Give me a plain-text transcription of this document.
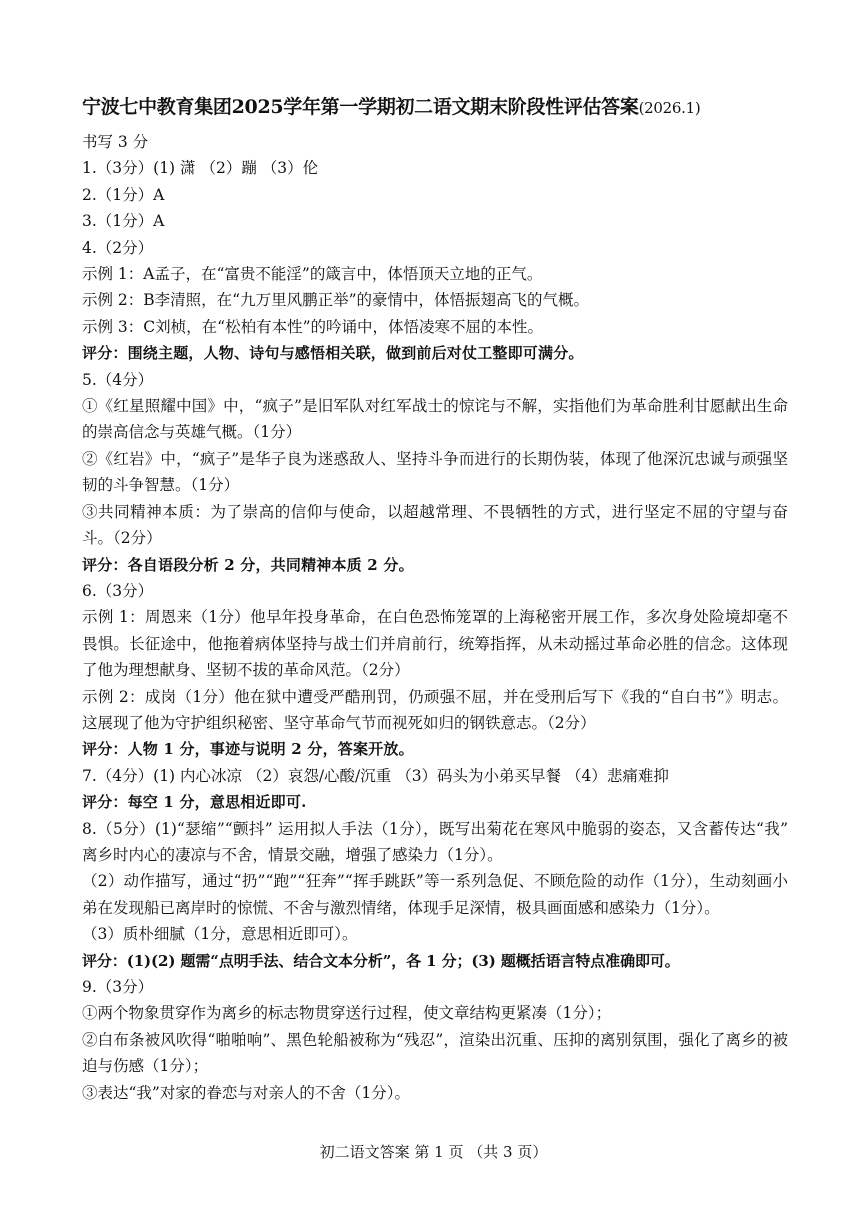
宁波七中教育集团2025学年第一学期初二语文期末阶段性评估答案(2026.1)

书写 3 分

1.（3分）(1) 潇 （2）蹦 （3）伦

2.（1分）A

3.（1分）A

4.（2分）

示例 1：A孟子，在“富贵不能淫”的箴言中，体悟顶天立地的正气。

示例 2：B李清照，在“九万里风鹏正举”的豪情中，体悟振翅高飞的气概。

示例 3：C刘桢，在“松柏有本性”的吟诵中，体悟凌寒不屈的本性。

评分：围绕主题，人物、诗句与感悟相关联，做到前后对仗工整即可满分。

5.（4分）

①《红星照耀中国》中，“疯子”是旧军队对红军战士的惊诧与不解，实指他们为革命胜利甘愿献出生命的崇高信念与英雄气概。（1分）

②《红岩》中，“疯子”是华子良为迷惑敌人、坚持斗争而进行的长期伪装，体现了他深沉忠诚与顽强坚韧的斗争智慧。（1分）

③共同精神本质：为了崇高的信仰与使命，以超越常理、不畏牺牲的方式，进行坚定不屈的守望与奋斗。（2分）

评分：各自语段分析 2 分，共同精神本质 2 分。

6.（3分）

示例 1：周恩来（1分）他早年投身革命，在白色恐怖笼罩的上海秘密开展工作，多次身处险境却毫不畏惧。长征途中，他拖着病体坚持与战士们并肩前行，统筹指挥，从未动摇过革命必胜的信念。这体现了他为理想献身、坚韧不拔的革命风范。（2分）

示例 2：成岗（1分）他在狱中遭受严酷刑罚，仍顽强不屈，并在受刑后写下《我的“自白书”》明志。这展现了他为守护组织秘密、坚守革命气节而视死如归的钢铁意志。（2分）

评分：人物 1 分，事迹与说明 2 分，答案开放。

7.（4分）(1) 内心冰凉 （2）哀怨/心酸/沉重 （3）码头为小弟买早餐 （4）悲痛难抑

评分：每空 1 分，意思相近即可.

8.（5分）(1)“瑟缩”“颤抖” 运用拟人手法（1分），既写出菊花在寒风中脆弱的姿态，又含蓄传达“我” 离乡时内心的凄凉与不舍，情景交融，增强了感染力（1分）。

（2）动作描写，通过“扔”“跑”“狂奔”“挥手跳跃”等一系列急促、不顾危险的动作（1分），生动刻画小弟在发现船已离岸时的惊慌、不舍与激烈情绪，体现手足深情，极具画面感和感染力（1分）。

（3）质朴细腻（1分，意思相近即可）。

评分：(1)(2) 题需“点明手法、结合文本分析”，各 1 分；(3) 题概括语言特点准确即可。

9.（3分）

①两个物象贯穿作为离乡的标志物贯穿送行过程，使文章结构更紧凑（1分）；

②白布条被风吹得“啪啪响”、黑色轮船被称为“残忍”，渲染出沉重、压抑的离别氛围，强化了离乡的被迫与伤感（1分）；

③表达“我”对家的眷恋与对亲人的不舍（1分）。

初二语文答案 第 1 页 （共 3 页）
